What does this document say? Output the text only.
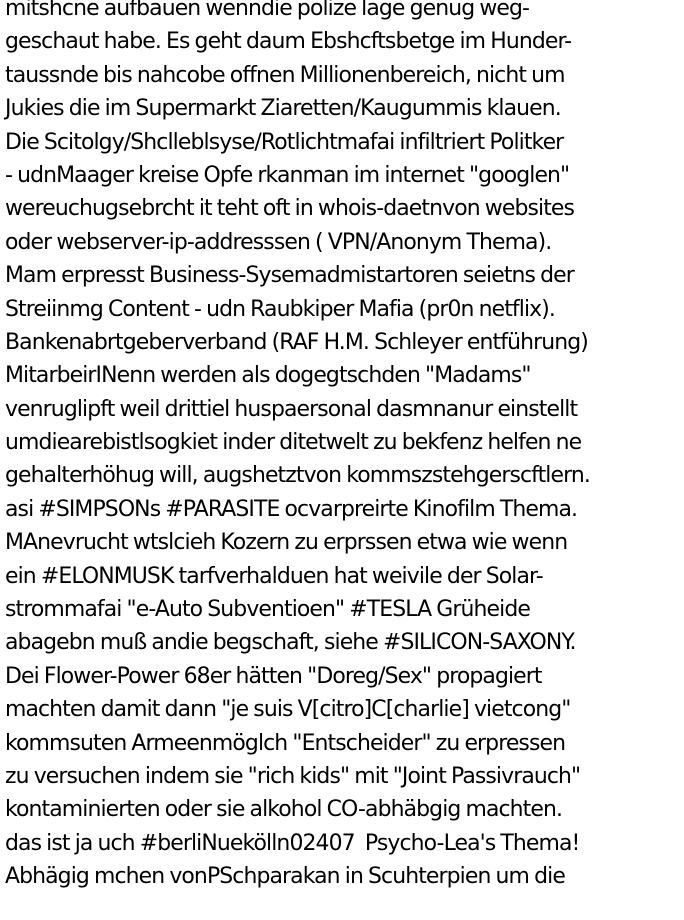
mitshcne aufbauen wenndie polize lage genug weg-
geschaut habe. Es geht daum Ebshcftsbetge im Hunder-
taussnde bis nahcobe offnen Millionenbereich, nicht um
Jukies die im Supermarkt Ziaretten/Kaugummis klauen.
Die Scitolgy/Shclleblsyse/Rotlichtmafai infiltriert Politker
- udnMaager kreise Opfe rkanman im internet "googlen"
wereuchugsebrcht it teht oft in whois-daetnvon websites
oder webserver-ip-addresssen ( VPN/Anonym Thema).
Mam erpresst Business-Sysemadmistartoren seietns der
Streiinmg Content - udn Raubkiper Mafia (pr0n netflix).
Bankenabrtgeberverband (RAF H.M. Schleyer entführung)
MitarbeirINenn werden als dogegtschden "Madams"
venruglipft weil drittiel huspaersonal dasmnanur einstellt
umdiearebistlsogkiet inder ditetwelt zu bekfenz helfen ne
gehalterhöhug will, augshetztvon kommszstehgerscftlern.
asi #SIMPSONs #PARASITE ocvarpreirte Kinofilm Thema.
MAnevrucht wtslcieh Kozern zu erprssen etwa wie wenn
ein #ELONMUSK tarfverhalduen hat weivile der Solar-
strommafai "e-Auto Subventioen" #TESLA Grüheide
abagebn muß andie begschaft, siehe #SILICON-SAXONY.
Dei Flower-Power 68er hätten "Doreg/Sex" propagiert
machten damit dann "je suis V[citro]C[charlie] vietcong"
kommsuten Armeenmöglch "Entscheider" zu erpressen
zu versuchen indem sie "rich kids" mit "Joint Passivrauch"
kontaminierten oder sie alkohol CO-abhäbgig machten.
das ist ja uch #berliNuekölln02407  Psycho-Lea's Thema!
Abhägig mchen vonPSchparakan in Scuhterpien um die
